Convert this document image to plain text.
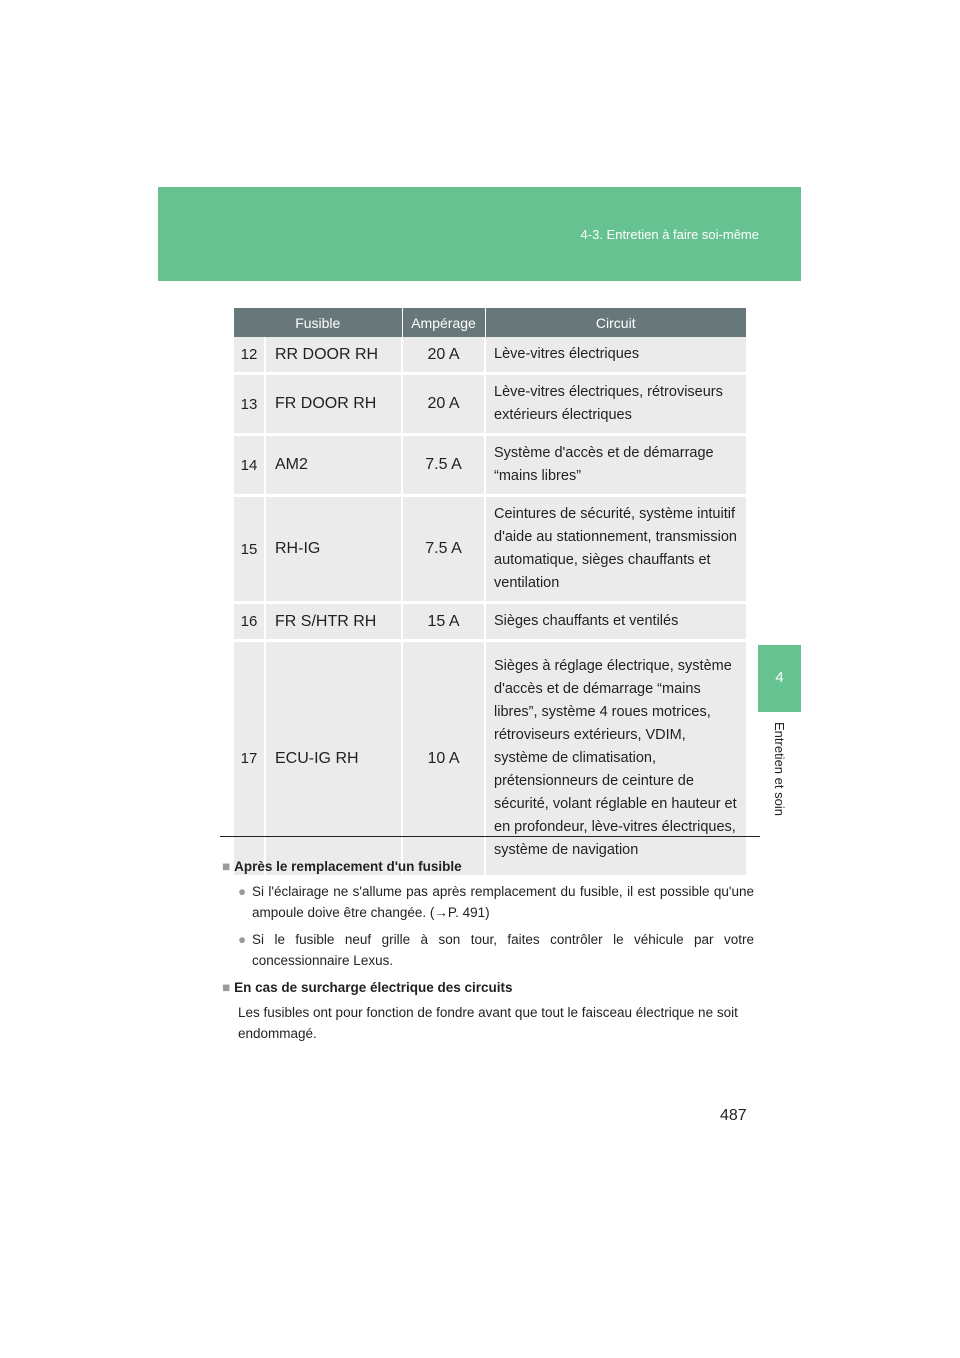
4-3. Entretien à faire soi-même
4
Entretien et soin
Fusible		Ampérage	Circuit
12	RR DOOR RH	20 A	Lève-vitres électriques
13	FR DOOR RH	20 A	Lève-vitres électriques, rétroviseurs extérieurs électriques
14	AM2	7.5 A	Système d'accès et de démarrage “mains libres”
15	RH-IG	7.5 A	Ceintures de sécurité, système intuitif d'aide au stationnement, transmission automatique, sièges chauffants et ventilation
16	FR S/HTR RH	15 A	Sièges chauffants et ventilés
17	ECU-IG RH	10 A	Sièges à réglage électrique, système d'accès et de démarrage “mains libres”, système 4 roues motrices, rétroviseurs extérieurs, VDIM, système de climatisation, prétensionneurs de ceinture de sécurité, volant réglable en hauteur et en profondeur, lève-vitres électriques, système de navigation
■ Après le remplacement d'un fusible
● Si l'éclairage ne s'allume pas après remplacement du fusible, il est possible qu'une ampoule doive être changée. (→P. 491)
● Si le fusible neuf grille à son tour, faites contrôler le véhicule par votre concessionnaire Lexus.
■ En cas de surcharge électrique des circuits
Les fusibles ont pour fonction de fondre avant que tout le faisceau électrique ne soit endommagé.
487
